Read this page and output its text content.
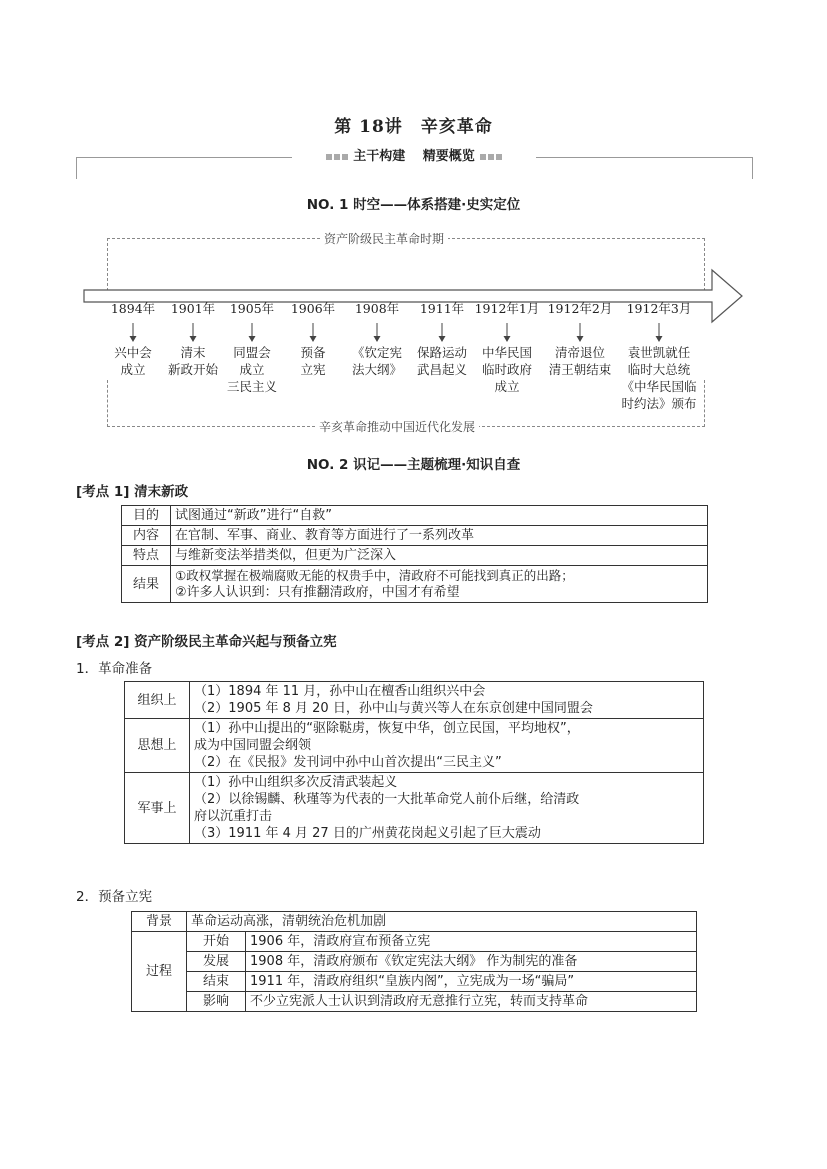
第 18讲　辛亥革命
主干构建　 精要概览
NO. 1 时空——体系搭建·史实定位
资产阶级民主革命时期
辛亥革命推动中国近代化发展
1894年
兴中会
成立
1901年
清末
新政开始
1905年
同盟会
成立
三民主义
1906年
预备
立宪
1908年
《钦定宪
法大纲》
1911年
保路运动
武昌起义
1912年1月
中华民国
临时政府
成立
1912年2月
清帝退位
清王朝结束
1912年3月
袁世凯就任
临时大总统
《中华民国临
时约法》颁布
NO. 2 识记——主题梳理·知识自查
[考点 1] 清末新政
目的	试图通过“新政”进行“自救”
内容	在官制、军事、商业、教育等方面进行了一系列改革
特点	与维新变法举措类似，但更为广泛深入
结果	①政权掌握在极端腐败无能的权贵手中，清政府不可能找到真正的出路；
②许多人认识到：只有推翻清政府，中国才有希望
[考点 2] 资产阶级民主革命兴起与预备立宪
1．革命准备
组织上	（1）1894 年 11 月，孙中山在檀香山组织兴中会
（2）1905 年 8 月 20 日，孙中山与黄兴等人在东京创建中国同盟会

思想上	（1）孙中山提出的“驱除鞑虏，恢复中华，创立民国，平均地权”，
成为中国同盟会纲领
（2）在《民报》发刊词中孙中山首次提出“三民主义”

军事上	（1）孙中山组织多次反清武装起义
（2）以徐锡麟、秋瑾等为代表的一大批革命党人前仆后继，给清政
府以沉重打击
（3）1911 年 4 月 27 日的广州黄花岗起义引起了巨大震动
2．预备立宪
背景	革命运动高涨，清朝统治危机加剧	
过程	开始	1906 年，清政府宣布预备立宪
	发展	1908 年，清政府颁布《钦定宪法大纲》 作为制宪的准备
	结束	1911 年，清政府组织“皇族内阁”，立宪成为一场“骗局”
	影响	不少立宪派人士认识到清政府无意推行立宪，转而支持革命
